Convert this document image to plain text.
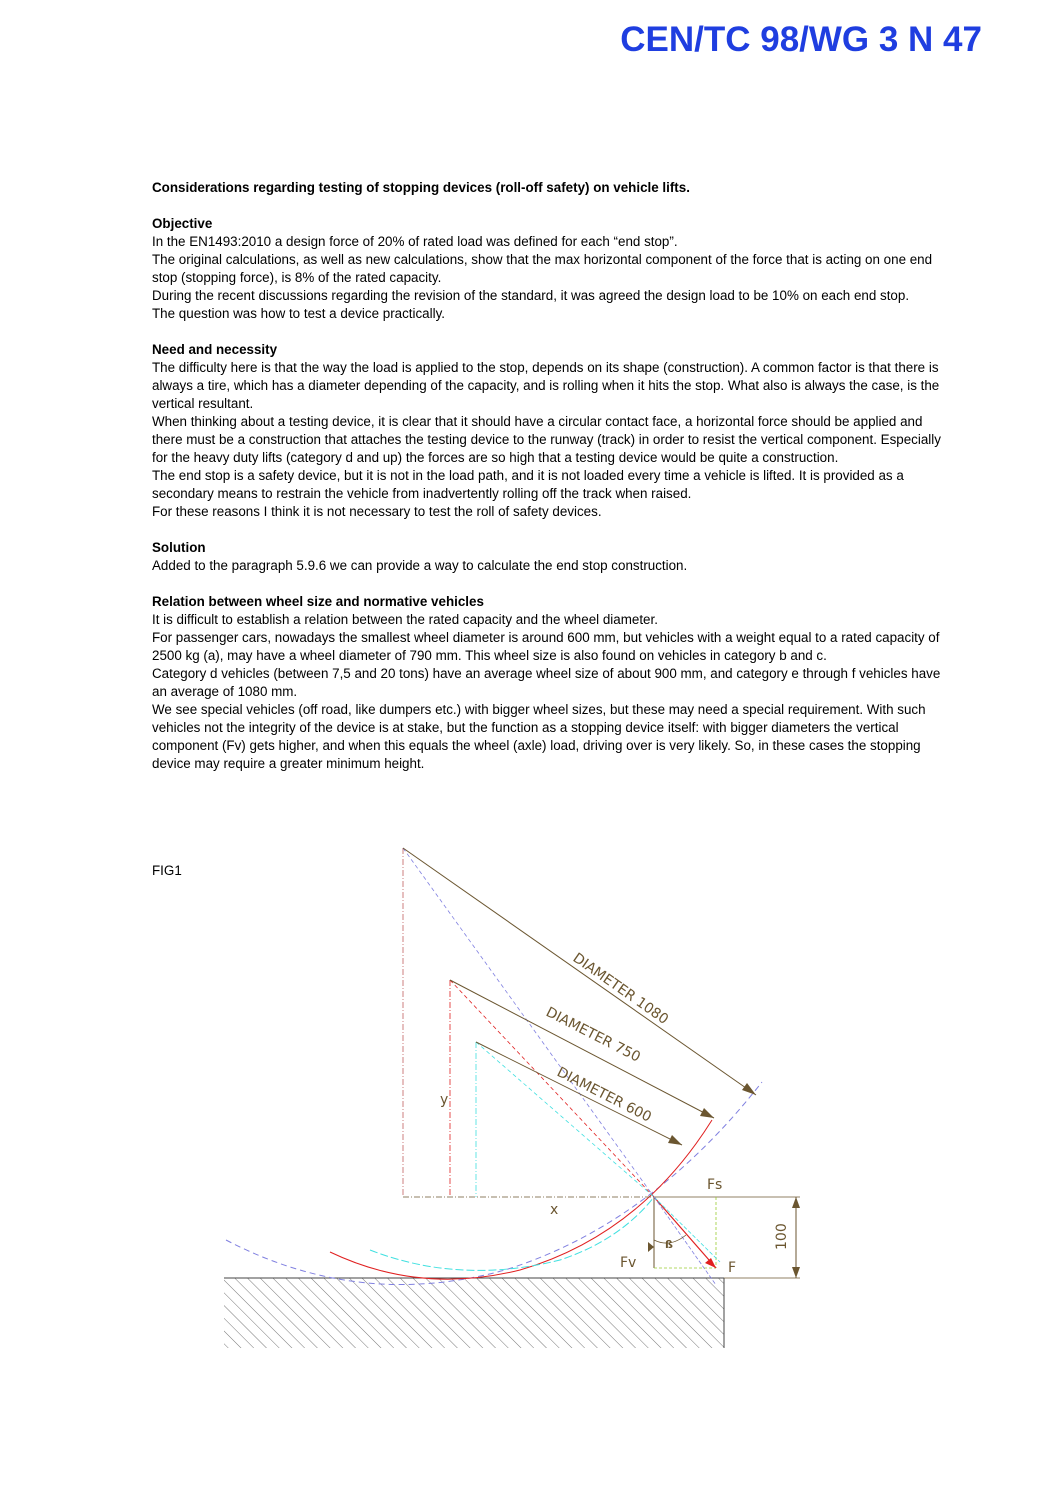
CEN/TC 98/WG 3 N 47

Considerations regarding testing of stopping devices (roll-off safety) on vehicle lifts.

Objective

In the EN1493:2010 a design force of 20% of rated load was defined for each “end stop”.

The original calculations, as well as new calculations, show that the max horizontal component of the force that is acting on one end stop (stopping force), is 8% of the rated capacity.

During the recent discussions regarding the revision of the standard, it was agreed the design load to be 10% on each end stop.

The question was how to test a device practically.

Need and necessity

The difficulty here is that the way the load is applied to the stop, depends on its shape (construction). A common factor is that there is always a tire, which has a diameter depending of the capacity, and is rolling when it hits the stop. What also is always the case, is the vertical resultant.

When thinking about a testing device, it is clear that it should have a circular contact face, a horizontal force should be applied and there must be a construction that attaches the testing device to the runway (track) in order to resist the vertical component. Especially for the heavy duty lifts (category d and up) the forces are so high that a testing device would be quite a construction.

The end stop is a safety device, but it is not in the load path, and it is not loaded every time a vehicle is lifted. It is provided as a secondary means to restrain the vehicle from inadvertently rolling off the track when raised.

For these reasons I think it is not necessary to test the roll of safety devices.

Solution

Added to the paragraph 5.9.6 we can provide a way to calculate the end stop construction.

Relation between wheel size and normative vehicles

It is difficult to establish a relation between the rated capacity and the wheel diameter.

For passenger cars, nowadays the smallest wheel diameter is around 600 mm, but vehicles with a weight equal to a rated capacity of 2500 kg (a), may have a wheel diameter of 790 mm. This wheel size is also found on vehicles in category b and c.

Category d vehicles (between 7,5 and 20 tons) have an average wheel size of about 900 mm, and category e through f vehicles have an average of 1080 mm.

We see special vehicles (off road, like dumpers etc.) with bigger wheel sizes, but these may need a special requirement. With such vehicles not the integrity of the device is at stake, but the function as a stopping device itself: with bigger diameters the vertical component (Fv) gets higher, and when this equals the wheel (axle) load, driving over is very likely. So, in these cases the stopping device may require a greater minimum height.

FIG1
DIAMETER 1080
DIAMETER 750
DIAMETER 600
y
x
Fs
Fv	F
ß	100
